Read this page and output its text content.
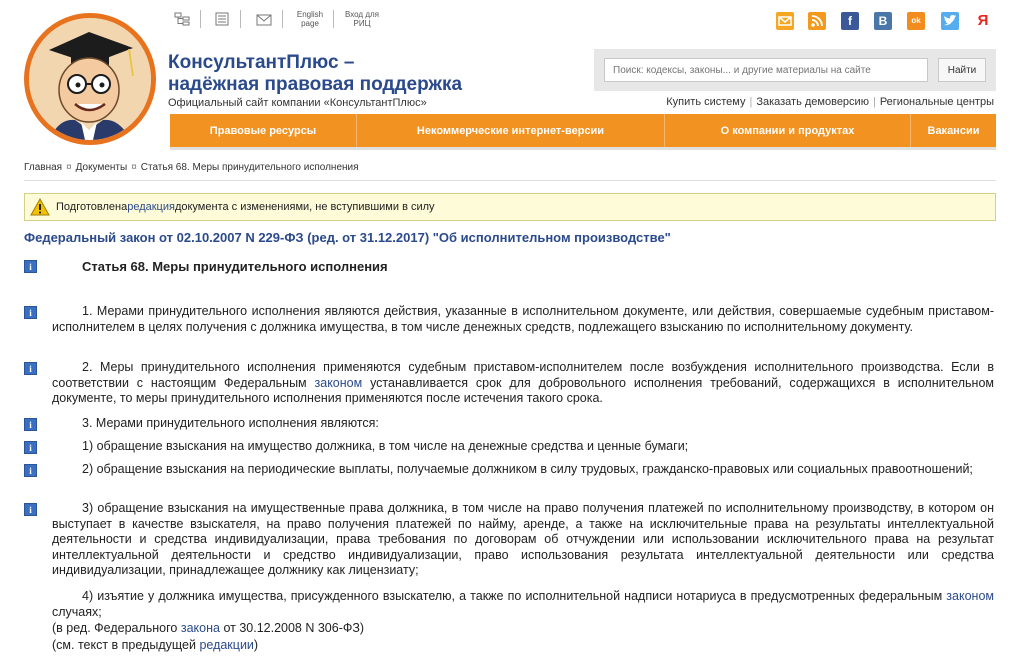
КонсультантПлюс –
надёжная правовая поддержка
Официальный сайт компании «КонсультантПлюс»
English
page
Вход для
РИЦ	f	В	ok	Я
Поиск: кодексы, законы... и другие материалы на сайте
Найти
Купить систему | Заказать демоверсию | Региональные центры
Правовые ресурсы	Некоммерческие интернет-версии	О компании и продуктах	Вакансии
Главная ¤ Документы ¤ Статья 68. Меры принудительного исполнения
Подготовлена редакция документа с изменениями, не вступившими в силу
Федеральный закон от 02.10.2007 N 229-ФЗ (ред. от 31.12.2017) "Об исполнительном производстве"
i	Статья 68. Меры принудительного исполнения
i	1. Мерами принудительного исполнения являются действия, указанные в исполнительном документе, или действия, совершаемые судебным приставом-исполнителем в целях получения с должника имущества, в том числе денежных средств, подлежащего взысканию по исполнительному документу.
i	2. Меры принудительного исполнения применяются судебным приставом-исполнителем после возбуждения исполнительного производства. Если в соответствии с настоящим Федеральным законом устанавливается срок для добровольного исполнения требований, содержащихся в исполнительном документе, то меры принудительного исполнения применяются после истечения такого срока.
i	3. Мерами принудительного исполнения являются:
i	1) обращение взыскания на имущество должника, в том числе на денежные средства и ценные бумаги;
i	2) обращение взыскания на периодические выплаты, получаемые должником в силу трудовых, гражданско-правовых или социальных правоотношений;
i	3) обращение взыскания на имущественные права должника, в том числе на право получения платежей по исполнительному производству, в котором он выступает в качестве взыскателя, на право получения платежей по найму, аренде, а также на исключительные права на результаты интеллектуальной деятельности и средства индивидуализации, права требования по договорам об отчуждении или использовании исключительного права на результат интеллектуальной деятельности и средство индивидуализации, право использования результата интеллектуальной деятельности или средства индивидуализации, принадлежащее должнику как лицензиату;
4) изъятие у должника имущества, присужденного взыскателю, а также по исполнительной надписи нотариуса в предусмотренных федеральным законом случаях;
(в ред. Федерального закона от 30.12.2008 N 306-ФЗ)
(см. текст в предыдущей редакции)
